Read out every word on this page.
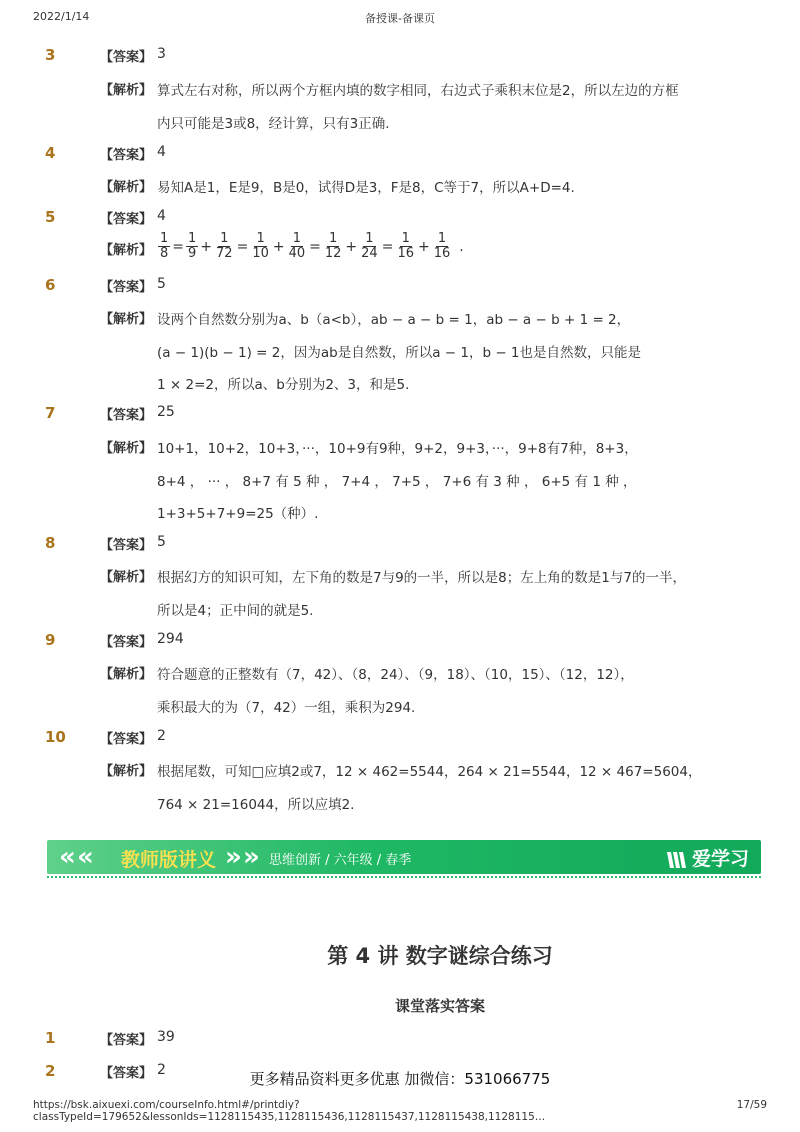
2022/1/14	备授课-备课页
3	【答案】 3
【解析】 算式左右对称，所以两个方框内填的数字相同，右边式子乘积末位是2，所以左边的方框
内只可能是3或8，经计算，只有3正确.
4	【答案】 4
【解析】 易知A是1，E是9，B是0，试得D是3，F是8，C等于7，所以A+D=4.
5	【答案】 4
【解析】 $\frac{1}{8} = \frac{1}{9} + \frac{1}{72} = \frac{1}{10} + \frac{1}{40} = \frac{1}{12} + \frac{1}{24} = \frac{1}{16} + \frac{1}{16}$ .
6	【答案】 5
【解析】 设两个自然数分别为a、b（a<b），ab − a − b = 1，ab − a − b + 1 = 2，
(a − 1)(b − 1) = 2，因为ab是自然数，所以a − 1，b − 1也是自然数，只能是
1 × 2=2，所以a、b分别为2、3，和是5.
7	【答案】 25
【解析】 10+1，10+2，10+3，···，10+9有9种，9+2，9+3，···，9+8有7种，8+3，
8+4 ， ··· ， 8+7 有 5 种 ， 7+4 ， 7+5 ， 7+6 有 3 种 ， 6+5 有 1 种 ，
1+3+5+7+9=25（种）.
8	【答案】 5
【解析】 根据幻方的知识可知，左下角的数是7与9的一半，所以是8；左上角的数是1与7的一半，
所以是4；正中间的就是5.
9	【答案】 294
【解析】 符合题意的正整数有（7，42）、（8，24）、（9，18）、（10，15）、（12，12），
乘积最大的为（7，42）一组，乘积为294.
10	【答案】 2
【解析】 根据尾数，可知□应填2或7，12 × 462=5544，264 × 21=5544，12 × 467=5604，
764 × 21=16044，所以应填2.
« « 教师版讲义 » » 思维创新 / 六年级 / 春季	爱学习
第 4 讲 数字谜综合练习
课堂落实答案
1	【答案】 39
2	【答案】 2	更多精品资料更多优惠 加微信：531066775
https://bsk.aixuexi.com/courseInfo.html#/printdiy?classTypeId=179652&lessonIds=1128115435,1128115436,1128115437,1128115438,1128115…
17/59
